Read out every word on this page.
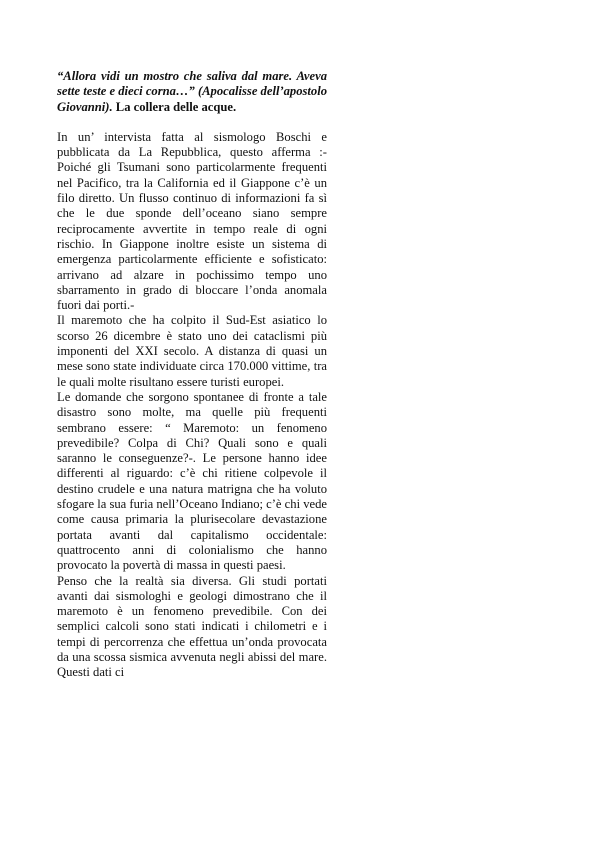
“Allora vidi un mostro che saliva dal mare. Aveva sette teste e dieci corna…” (Apocalisse dell’apostolo Giovanni). La collera delle acque.

In un’ intervista fatta al sismologo Boschi e pubblicata da La Repubblica, questo afferma :- Poiché gli Tsumani sono particolarmente frequenti nel Pacifico, tra la California ed il Giappone c’è un filo diretto. Un flusso continuo di informazioni fa sì che le due sponde dell’oceano siano sempre reciprocamente avvertite in tempo reale di ogni rischio. In Giappone inoltre esiste un sistema di emergenza particolarmente efficiente e sofisticato: arrivano ad alzare in pochissimo tempo uno sbarramento in grado di bloccare l’onda anomala fuori dai porti.-

Il maremoto che ha colpito il Sud-Est asiatico lo scorso 26 dicembre è stato uno dei cataclismi più imponenti del XXI secolo. A distanza di quasi un mese sono state individuate circa 170.000 vittime, tra le quali molte risultano essere turisti europei.

Le domande che sorgono spontanee di fronte a tale disastro sono molte, ma quelle più frequenti sembrano essere: “ Maremoto: un fenomeno prevedibile? Colpa di Chi? Quali sono e quali saranno le conseguenze?-. Le persone hanno idee differenti al riguardo: c’è chi ritiene colpevole il destino crudele e una natura matrigna che ha voluto sfogare la sua furia nell’Oceano Indiano; c’è chi vede come causa primaria la plurisecolare devastazione portata avanti dal capitalismo occidentale: quattrocento anni di colonialismo che hanno provocato la povertà di massa in questi paesi.

Penso che la realtà sia diversa. Gli studi portati avanti dai sismologhi e geologi dimostrano che il maremoto è un fenomeno prevedibile. Con dei semplici calcoli sono stati indicati i chilometri e i tempi di percorrenza che effettua un’onda provocata da una scossa sismica avvenuta negli abissi del mare. Questi dati ci
